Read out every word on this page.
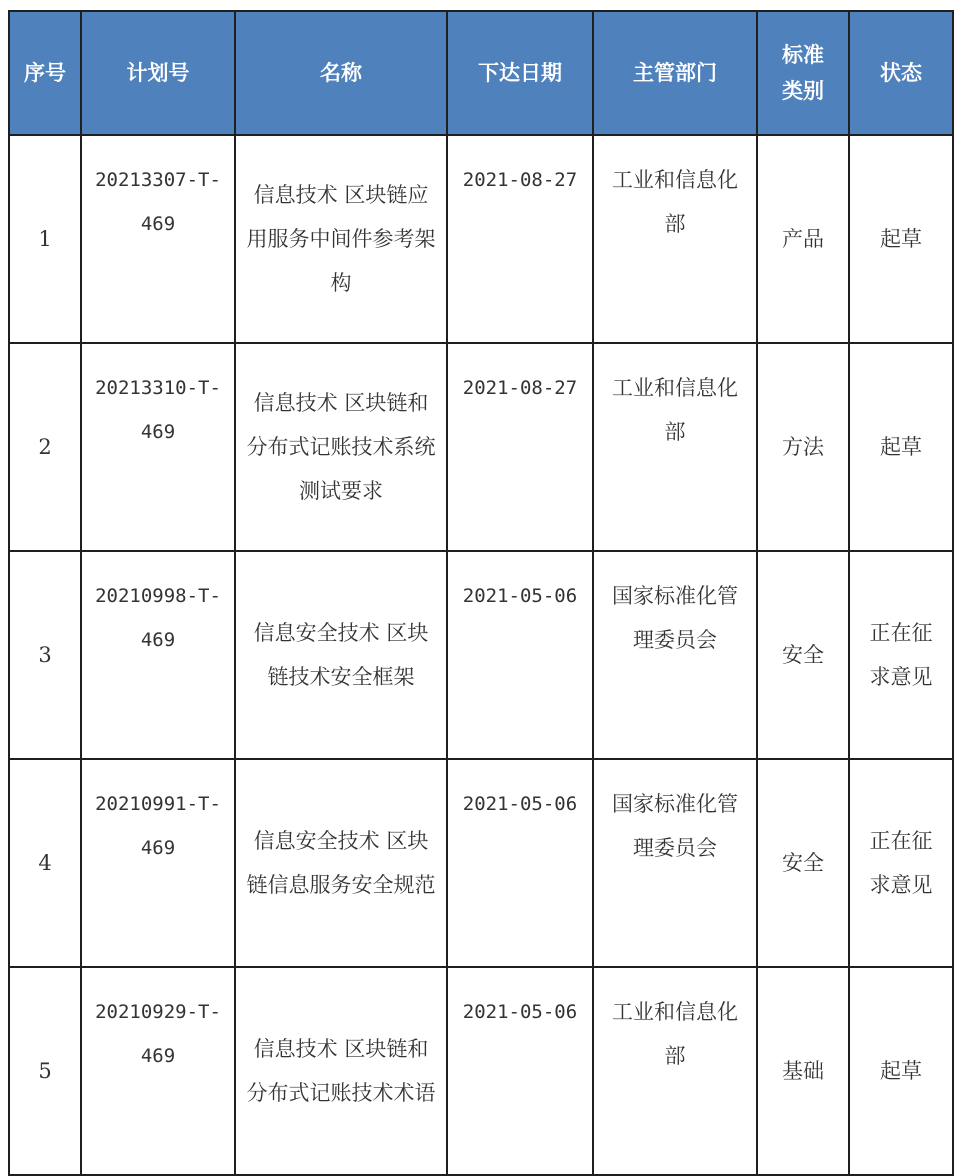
序号	计划号	名称	下达日期	主管部门	标准类别	状态

1	20213307-T-469	信息技术 区块链应用服务中间件参考架构	2021-08-27	工业和信息化部	产品	起草

2	20213310-T-469	信息技术 区块链和分布式记账技术系统测试要求	2021-08-27	工业和信息化部	方法	起草

3	20210998-T-469	信息安全技术 区块链技术安全框架	2021-05-06	国家标准化管理委员会	安全	正在征求意见

4	20210991-T-469	信息安全技术 区块链信息服务安全规范	2021-05-06	国家标准化管理委员会	安全	正在征求意见

5	20210929-T-469	信息技术 区块链和分布式记账技术术语	2021-05-06	工业和信息化部	基础	起草
